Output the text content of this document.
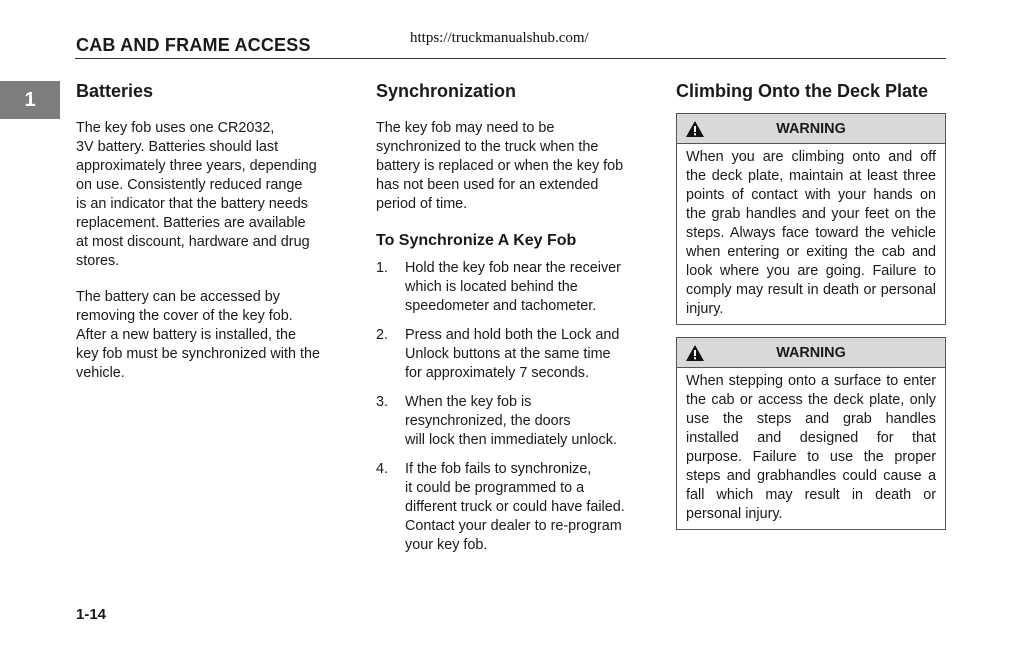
CAB AND FRAME ACCESS	https://truckmanualshub.com/
1	Batteries

The key fob uses one CR2032,
3V battery. Batteries should last
approximately three years, depending
on use. Consistently reduced range
is an indicator that the battery needs
replacement. Batteries are available
at most discount, hardware and drug
stores.

The battery can be accessed by
removing the cover of the key fob.
After a new battery is installed, the
key fob must be synchronized with the
vehicle.

Synchronization

The key fob may need to be
synchronized to the truck when the
battery is replaced or when the key fob
has not been used for an extended
period of time.

To Synchronize A Key Fob
1. Hold the key fob near the receiver
which is located behind the
speedometer and tachometer.
2. Press and hold both the Lock and
Unlock buttons at the same time
for approximately 7 seconds.
3. When the key fob is
resynchronized, the doors
will lock then immediately unlock.
4. If the fob fails to synchronize,
it could be programmed to a
different truck or could have failed.
Contact your dealer to re-program
your key fob.
Climbing Onto the Deck Plate
WARNING
When you are climbing onto and off the deck plate, maintain at least three points of contact with your hands on the grab handles and your feet on the steps. Always face toward the vehicle when entering or exiting the cab and look where you are going. Failure to comply may result in death or personal injury.
WARNING
When stepping onto a surface to enter the cab or access the deck plate, only use the steps and grab handles installed and designed for that purpose. Failure to use the proper steps and grabhandles could cause a fall which may result in death or personal injury.
1-14
